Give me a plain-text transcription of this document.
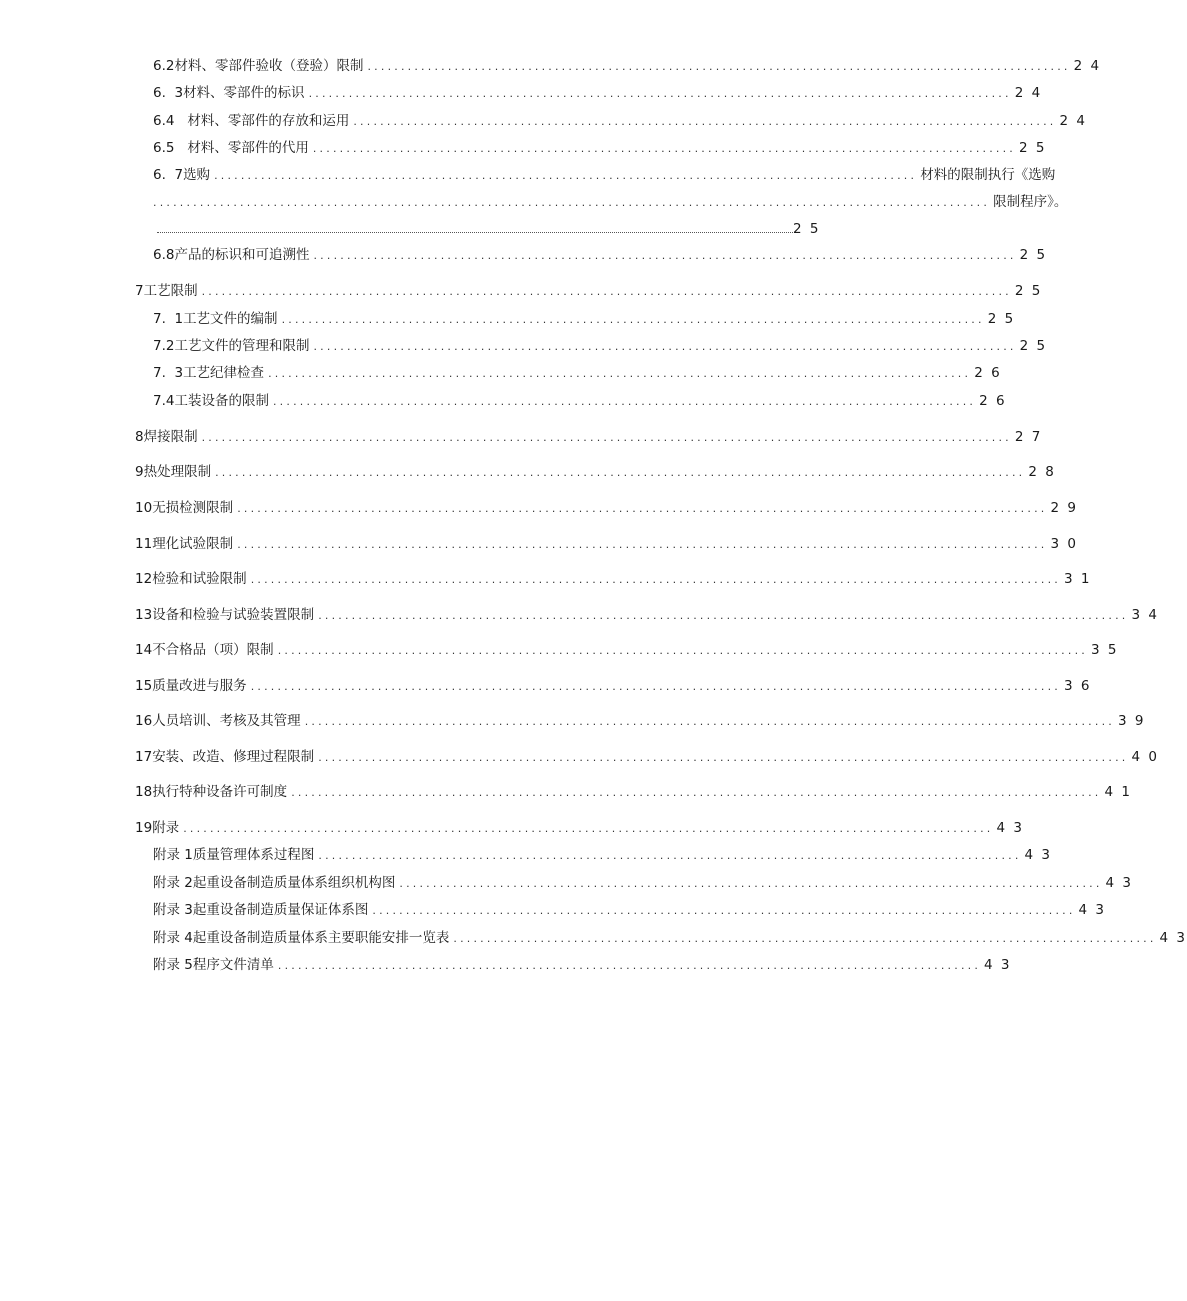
6.2 材料、零部件验收（登验）限制 ......................................................................................................... 2 4
6.  3 材料、零部件的标识 ......................................................................................................... 2 4
6.4 材料、零部件的存放和运用 ......................................................................................................... 2 4
6.5 材料、零部件的代用 ......................................................................................................... 2 5
6.  7 选购 ......................................................................................................... 材料的限制执行《选购
............................................................................................................................. 限制程序》。
2 5
6.8 产品的标识和可追溯性 ......................................................................................................... 2 5
7 工艺限制 ......................................................................................................................... 2 5
7.  1 工艺文件的编制 ......................................................................................................... 2 5
7.2 工艺文件的管理和限制 ......................................................................................................... 2 5
7.  3 工艺纪律检查 ......................................................................................................... 2 6
7.4 工装设备的限制 ......................................................................................................... 2 6
8 焊接限制 ......................................................................................................................... 2 7
9 热处理限制 ......................................................................................................................... 2 8
10 无损检测限制 ......................................................................................................................... 2 9
11 理化试验限制 ......................................................................................................................... 3 0
12 检验和试验限制 ......................................................................................................................... 3 1
13 设备和检验与试验装置限制 ......................................................................................................................... 3 4
14 不合格品（项）限制 ......................................................................................................................... 3 5
15 质量改进与服务 ......................................................................................................................... 3 6
16 人员培训、考核及其管理 ......................................................................................................................... 3 9
17 安装、改造、修理过程限制 ......................................................................................................................... 4 0
18 执行特种设备许可制度 ......................................................................................................................... 4 1
19 附录 ......................................................................................................................... 4 3
附录 1 质量管理体系过程图 ......................................................................................................... 4 3
附录 2 起重设备制造质量体系组织机构图 ......................................................................................................... 4 3
附录 3 起重设备制造质量保证体系图 ......................................................................................................... 4 3
附录 4 起重设备制造质量体系主要职能安排一览表 ......................................................................................................... 4 3
附录 5 程序文件清单 ......................................................................................................... 4 3
